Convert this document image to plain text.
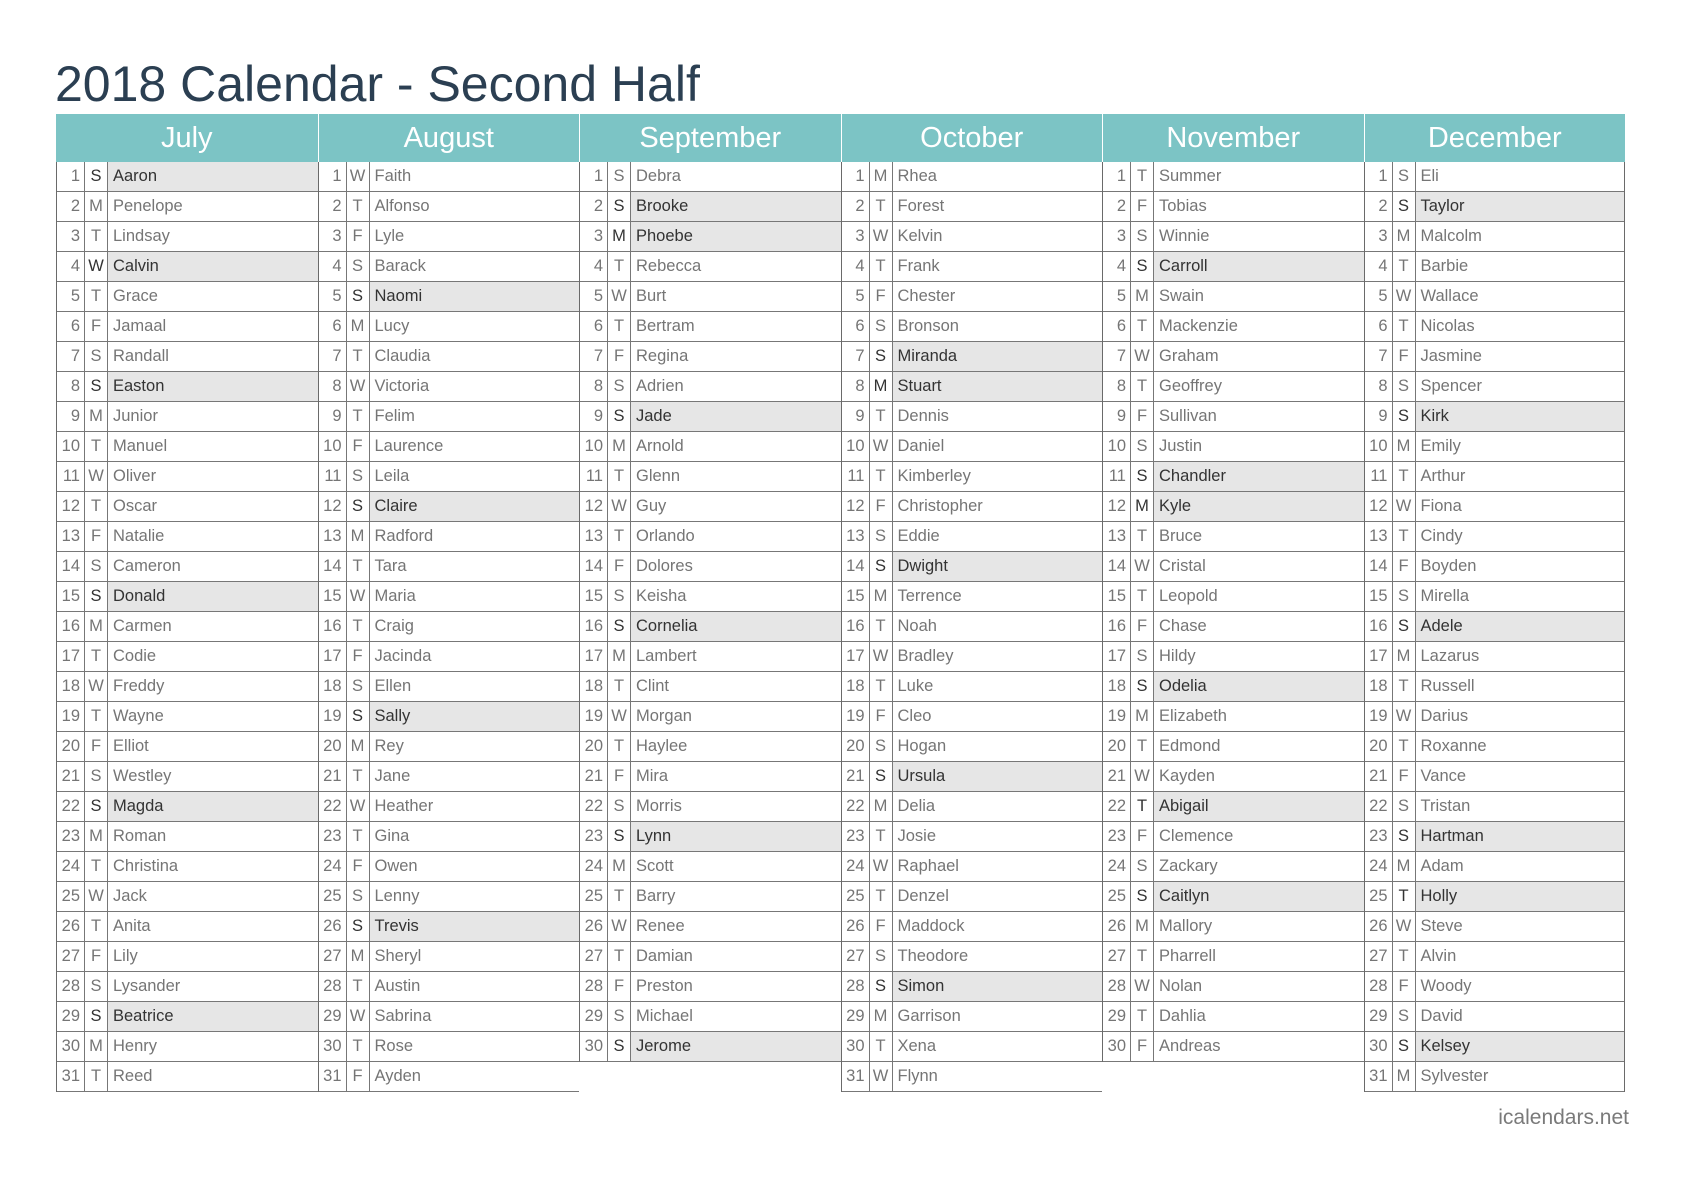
2018 Calendar - Second Half
July
1 S Aaron
2 M Penelope
3 T Lindsay
4 W Calvin
5 T Grace
6 F Jamaal
7 S Randall
8 S Easton
9 M Junior
10 T Manuel
11 W Oliver
12 T Oscar
13 F Natalie
14 S Cameron
15 S Donald
16 M Carmen
17 T Codie
18 W Freddy
19 T Wayne
20 F Elliot
21 S Westley
22 S Magda
23 M Roman
24 T Christina
25 W Jack
26 T Anita
27 F Lily
28 S Lysander
29 S Beatrice
30 M Henry
31 T Reed
August
1 W Faith
2 T Alfonso
3 F Lyle
4 S Barack
5 S Naomi
6 M Lucy
7 T Claudia
8 W Victoria
9 T Felim
10 F Laurence
11 S Leila
12 S Claire
13 M Radford
14 T Tara
15 W Maria
16 T Craig
17 F Jacinda
18 S Ellen
19 S Sally
20 M Rey
21 T Jane
22 W Heather
23 T Gina
24 F Owen
25 S Lenny
26 S Trevis
27 M Sheryl
28 T Austin
29 W Sabrina
30 T Rose
31 F Ayden
September
1 S Debra
2 S Brooke
3 M Phoebe
4 T Rebecca
5 W Burt
6 T Bertram
7 F Regina
8 S Adrien
9 S Jade
10 M Arnold
11 T Glenn
12 W Guy
13 T Orlando
14 F Dolores
15 S Keisha
16 S Cornelia
17 M Lambert
18 T Clint
19 W Morgan
20 T Haylee
21 F Mira
22 S Morris
23 S Lynn
24 M Scott
25 T Barry
26 W Renee
27 T Damian
28 F Preston
29 S Michael
30 S Jerome
October
1 M Rhea
2 T Forest
3 W Kelvin
4 T Frank
5 F Chester
6 S Bronson
7 S Miranda
8 M Stuart
9 T Dennis
10 W Daniel
11 T Kimberley
12 F Christopher
13 S Eddie
14 S Dwight
15 M Terrence
16 T Noah
17 W Bradley
18 T Luke
19 F Cleo
20 S Hogan
21 S Ursula
22 M Delia
23 T Josie
24 W Raphael
25 T Denzel
26 F Maddock
27 S Theodore
28 S Simon
29 M Garrison
30 T Xena
31 W Flynn
November
1 T Summer
2 F Tobias
3 S Winnie
4 S Carroll
5 M Swain
6 T Mackenzie
7 W Graham
8 T Geoffrey
9 F Sullivan
10 S Justin
11 S Chandler
12 M Kyle
13 T Bruce
14 W Cristal
15 T Leopold
16 F Chase
17 S Hildy
18 S Odelia
19 M Elizabeth
20 T Edmond
21 W Kayden
22 T Abigail
23 F Clemence
24 S Zackary
25 S Caitlyn
26 M Mallory
27 T Pharrell
28 W Nolan
29 T Dahlia
30 F Andreas
December
1 S Eli
2 S Taylor
3 M Malcolm
4 T Barbie
5 W Wallace
6 T Nicolas
7 F Jasmine
8 S Spencer
9 S Kirk
10 M Emily
11 T Arthur
12 W Fiona
13 T Cindy
14 F Boyden
15 S Mirella
16 S Adele
17 M Lazarus
18 T Russell
19 W Darius
20 T Roxanne
21 F Vance
22 S Tristan
23 S Hartman
24 M Adam
25 T Holly
26 W Steve
27 T Alvin
28 F Woody
29 S David
30 S Kelsey
31 M Sylvester
icalendars.net
